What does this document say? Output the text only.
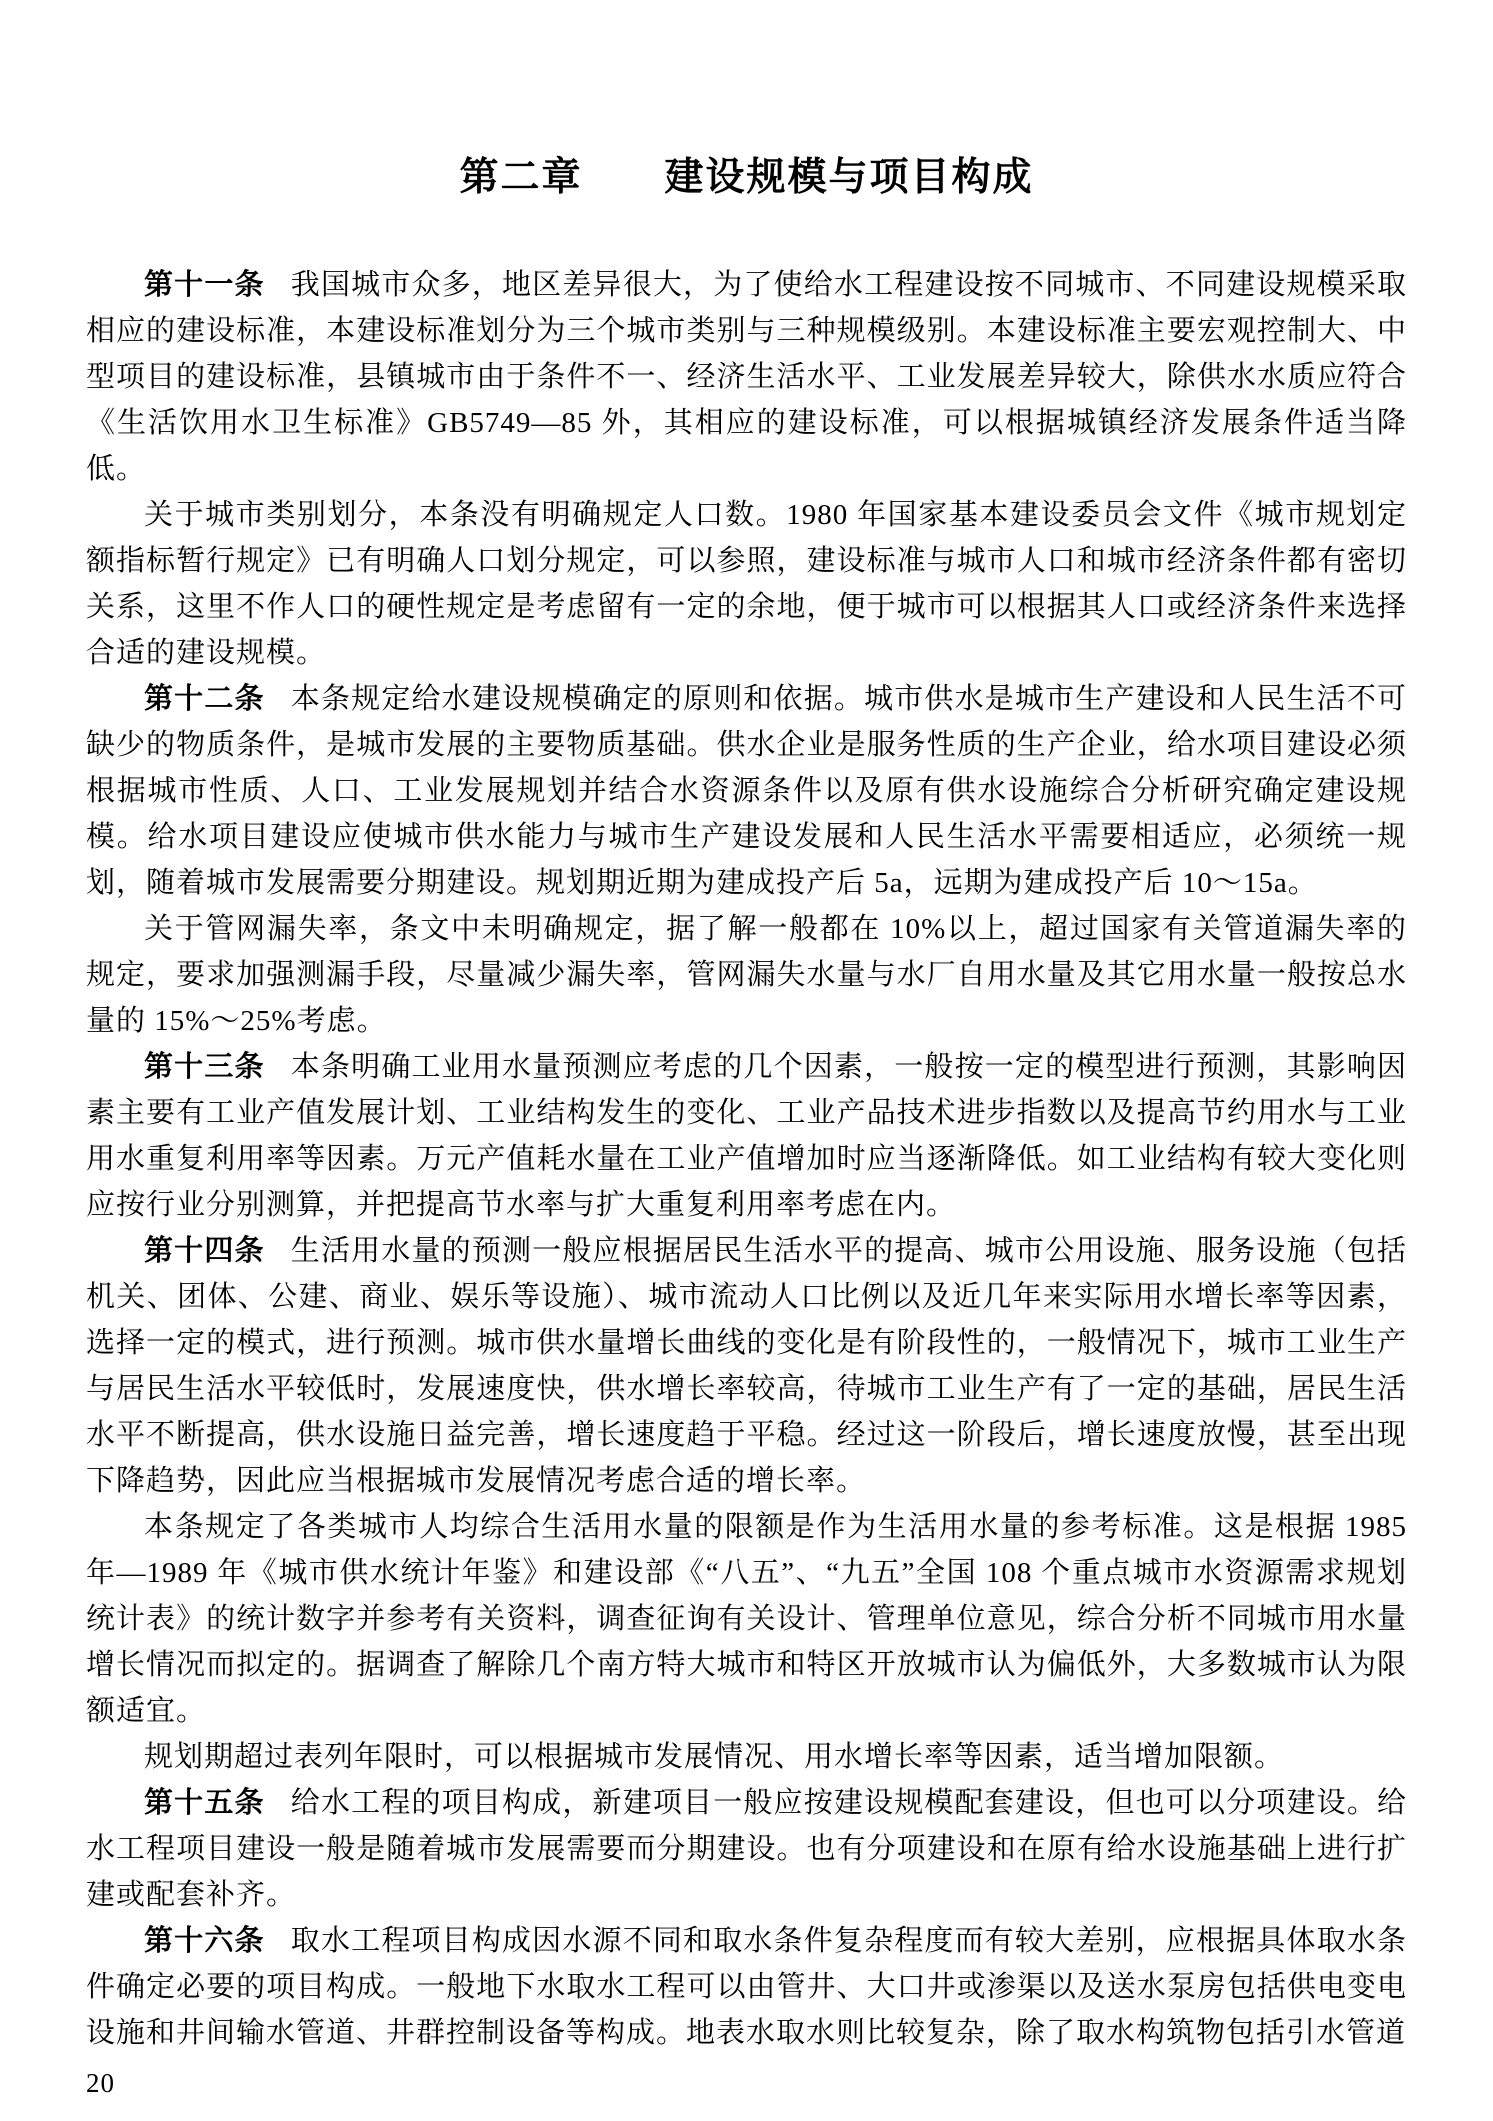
第二章　　建设规模与项目构成

第十一条 我国城市众多，地区差异很大，为了使给水工程建设按不同城市、不同建设规模采取相应的建设标准，本建设标准划分为三个城市类别与三种规模级别。本建设标准主要宏观控制大、中型项目的建设标准，县镇城市由于条件不一、经济生活水平、工业发展差异较大，除供水水质应符合《生活饮用水卫生标准》GB5749—85 外，其相应的建设标准，可以根据城镇经济发展条件适当降低。

关于城市类别划分，本条没有明确规定人口数。1980 年国家基本建设委员会文件《城市规划定额指标暂行规定》已有明确人口划分规定，可以参照，建设标准与城市人口和城市经济条件都有密切关系，这里不作人口的硬性规定是考虑留有一定的余地，便于城市可以根据其人口或经济条件来选择合适的建设规模。

第十二条 本条规定给水建设规模确定的原则和依据。城市供水是城市生产建设和人民生活不可缺少的物质条件，是城市发展的主要物质基础。供水企业是服务性质的生产企业，给水项目建设必须根据城市性质、人口、工业发展规划并结合水资源条件以及原有供水设施综合分析研究确定建设规模。给水项目建设应使城市供水能力与城市生产建设发展和人民生活水平需要相适应，必须统一规划，随着城市发展需要分期建设。规划期近期为建成投产后 5a，远期为建成投产后 10～15a。

关于管网漏失率，条文中未明确规定，据了解一般都在 10%以上，超过国家有关管道漏失率的规定，要求加强测漏手段，尽量减少漏失率，管网漏失水量与水厂自用水量及其它用水量一般按总水量的 15%～25%考虑。

第十三条 本条明确工业用水量预测应考虑的几个因素，一般按一定的模型进行预测，其影响因素主要有工业产值发展计划、工业结构发生的变化、工业产品技术进步指数以及提高节约用水与工业用水重复利用率等因素。万元产值耗水量在工业产值增加时应当逐渐降低。如工业结构有较大变化则应按行业分别测算，并把提高节水率与扩大重复利用率考虑在内。

第十四条 生活用水量的预测一般应根据居民生活水平的提高、城市公用设施、服务设施（包括机关、团体、公建、商业、娱乐等设施）、城市流动人口比例以及近几年来实际用水增长率等因素，选择一定的模式，进行预测。城市供水量增长曲线的变化是有阶段性的，一般情况下，城市工业生产与居民生活水平较低时，发展速度快，供水增长率较高，待城市工业生产有了一定的基础，居民生活水平不断提高，供水设施日益完善，增长速度趋于平稳。经过这一阶段后，增长速度放慢，甚至出现下降趋势，因此应当根据城市发展情况考虑合适的增长率。

本条规定了各类城市人均综合生活用水量的限额是作为生活用水量的参考标准。这是根据 1985 年—1989 年《城市供水统计年鉴》和建设部《“八五”、“九五”全国 108 个重点城市水资源需求规划统计表》的统计数字并参考有关资料，调查征询有关设计、管理单位意见，综合分析不同城市用水量增长情况而拟定的。据调查了解除几个南方特大城市和特区开放城市认为偏低外，大多数城市认为限额适宜。

规划期超过表列年限时，可以根据城市发展情况、用水增长率等因素，适当增加限额。

第十五条 给水工程的项目构成，新建项目一般应按建设规模配套建设，但也可以分项建设。给水工程项目建设一般是随着城市发展需要而分期建设。也有分项建设和在原有给水设施基础上进行扩建或配套补齐。

第十六条 取水工程项目构成因水源不同和取水条件复杂程度而有较大差别，应根据具体取水条件确定必要的项目构成。一般地下水取水工程可以由管井、大口井或渗渠以及送水泵房包括供电变电设施和井间输水管道、井群控制设备等构成。地表水取水则比较复杂，除了取水构筑物包括引水管道

20
